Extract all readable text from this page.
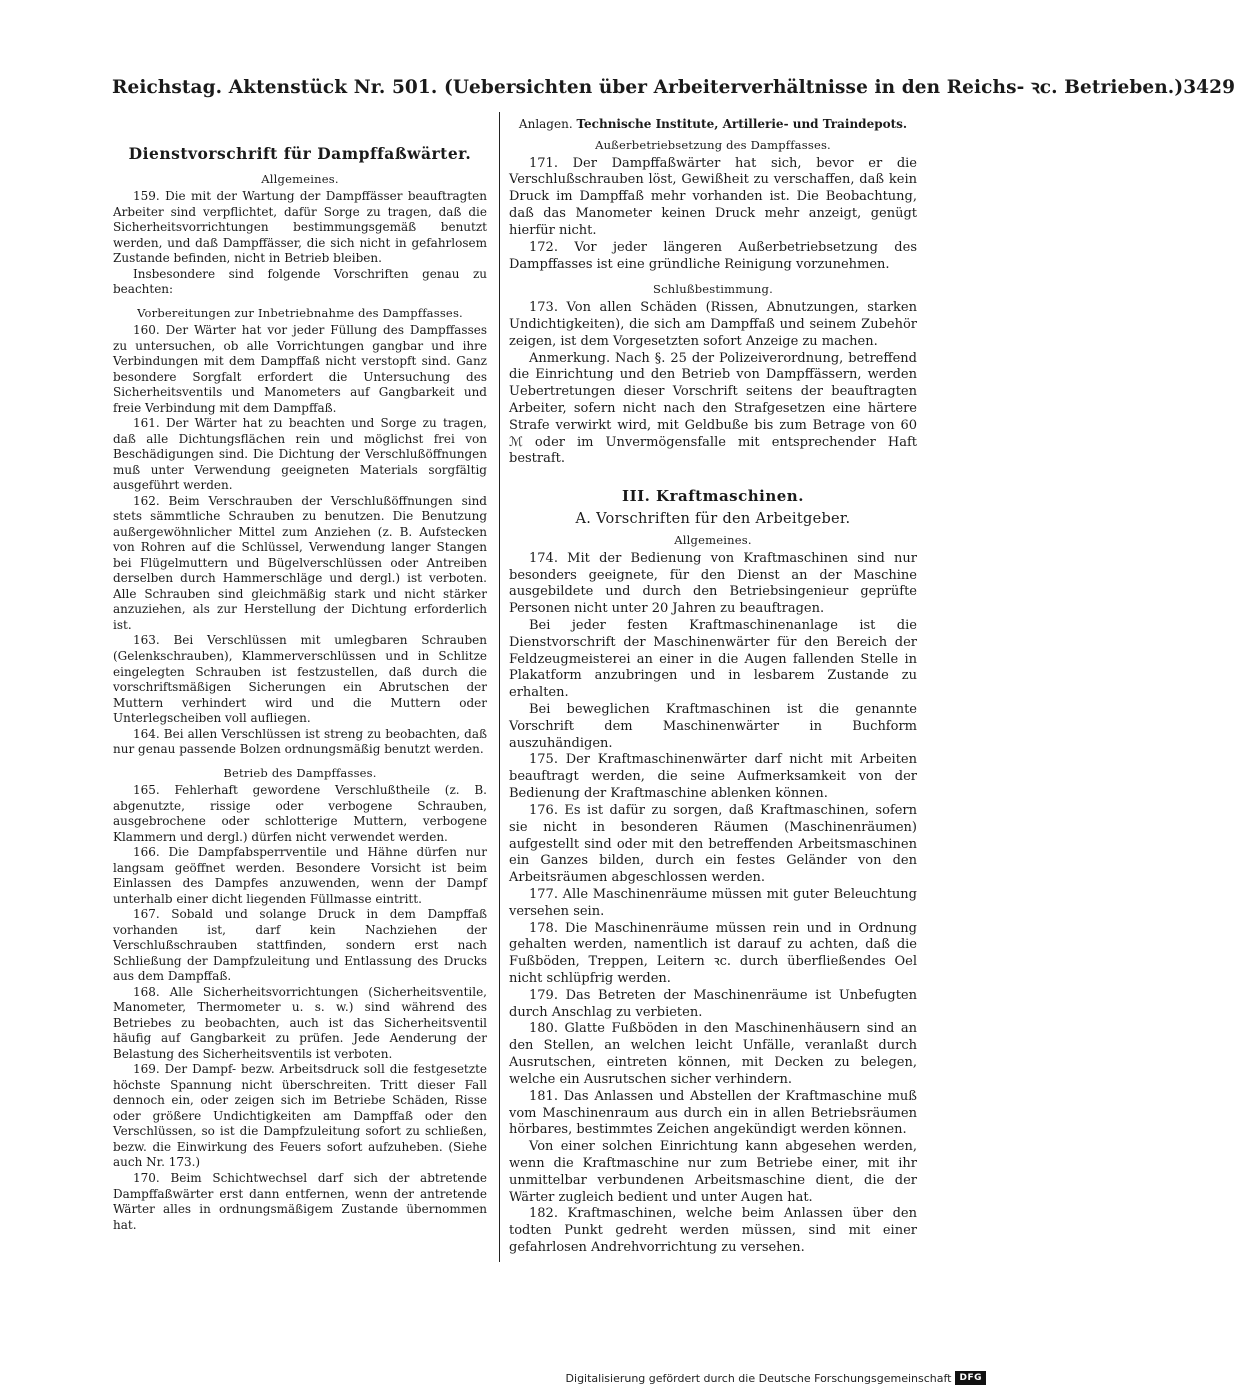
Reichstag. Aktenstück Nr. 501. (Uebersichten über Arbeiterverhältnisse in den Reichs- ꝛc. Betrieben.) 3429
Dienstvorschrift für Dampffaßwärter.
Allgemeines.

159. Die mit der Wartung der Dampffässer beauftragten Arbeiter sind verpflichtet, dafür Sorge zu tragen, daß die Sicherheitsvorrichtungen bestimmungsgemäß benutzt werden, und daß Dampffässer, die sich nicht in gefahrlosem Zustande befinden, nicht in Betrieb bleiben.

Insbesondere sind folgende Vorschriften genau zu beachten:

Vorbereitungen zur Inbetriebnahme des Dampffasses.

160. Der Wärter hat vor jeder Füllung des Dampffasses zu untersuchen, ob alle Vorrichtungen gangbar und ihre Verbindungen mit dem Dampffaß nicht verstopft sind. Ganz besondere Sorgfalt erfordert die Untersuchung des Sicherheitsventils und Manometers auf Gangbarkeit und freie Verbindung mit dem Dampffaß.

161. Der Wärter hat zu beachten und Sorge zu tragen, daß alle Dichtungsflächen rein und möglichst frei von Beschädigungen sind. Die Dichtung der Verschlußöffnungen muß unter Verwendung geeigneten Materials sorgfältig ausgeführt werden.

162. Beim Verschrauben der Verschlußöffnungen sind stets sämmtliche Schrauben zu benutzen. Die Benutzung außergewöhnlicher Mittel zum Anziehen (z. B. Aufstecken von Rohren auf die Schlüssel, Verwendung langer Stangen bei Flügelmuttern und Bügelverschlüssen oder Antreiben derselben durch Hammerschläge und dergl.) ist verboten. Alle Schrauben sind gleichmäßig stark und nicht stärker anzuziehen, als zur Herstellung der Dichtung erforderlich ist.

163. Bei Verschlüssen mit umlegbaren Schrauben (Gelenkschrauben), Klammerverschlüssen und in Schlitze eingelegten Schrauben ist festzustellen, daß durch die vorschriftsmäßigen Sicherungen ein Abrutschen der Muttern verhindert wird und die Muttern oder Unterlegscheiben voll aufliegen.

164. Bei allen Verschlüssen ist streng zu beobachten, daß nur genau passende Bolzen ordnungsmäßig benutzt werden.

Betrieb des Dampffasses.

165. Fehlerhaft gewordene Verschlußtheile (z. B. abgenutzte, rissige oder verbogene Schrauben, ausgebrochene oder schlotterige Muttern, verbogene Klammern und dergl.) dürfen nicht verwendet werden.

166. Die Dampfabsperrventile und Hähne dürfen nur langsam geöffnet werden. Besondere Vorsicht ist beim Einlassen des Dampfes anzuwenden, wenn der Dampf unterhalb einer dicht liegenden Füllmasse eintritt.

167. Sobald und solange Druck in dem Dampffaß vorhanden ist, darf kein Nachziehen der Verschlußschrauben stattfinden, sondern erst nach Schließung der Dampfzuleitung und Entlassung des Drucks aus dem Dampffaß.

168. Alle Sicherheitsvorrichtungen (Sicherheitsventile, Manometer, Thermometer u. s. w.) sind während des Betriebes zu beobachten, auch ist das Sicherheitsventil häufig auf Gangbarkeit zu prüfen. Jede Aenderung der Belastung des Sicherheitsventils ist verboten.

169. Der Dampf- bezw. Arbeitsdruck soll die festgesetzte höchste Spannung nicht überschreiten. Tritt dieser Fall dennoch ein, oder zeigen sich im Betriebe Schäden, Risse oder größere Undichtigkeiten am Dampffaß oder den Verschlüssen, so ist die Dampfzuleitung sofort zu schließen, bezw. die Einwirkung des Feuers sofort aufzuheben. (Siehe auch Nr. 173.)

170. Beim Schichtwechsel darf sich der abtretende Dampffaßwärter erst dann entfernen, wenn der antretende Wärter alles in ordnungsmäßigem Zustande übernommen hat.

Anlagen. Technische Institute, Artillerie- und Traindepots.
Außerbetriebsetzung des Dampffasses.

171. Der Dampffaßwärter hat sich, bevor er die Verschlußschrauben löst, Gewißheit zu verschaffen, daß kein Druck im Dampffaß mehr vorhanden ist. Die Beobachtung, daß das Manometer keinen Druck mehr anzeigt, genügt hierfür nicht.

172. Vor jeder längeren Außerbetriebsetzung des Dampffasses ist eine gründliche Reinigung vorzunehmen.

Schlußbestimmung.

173. Von allen Schäden (Rissen, Abnutzungen, starken Undichtigkeiten), die sich am Dampffaß und seinem Zubehör zeigen, ist dem Vorgesetzten sofort Anzeige zu machen.

Anmerkung. Nach §. 25 der Polizeiverordnung, betreffend die Einrichtung und den Betrieb von Dampffässern, werden Uebertretungen dieser Vorschrift seitens der beauftragten Arbeiter, sofern nicht nach den Strafgesetzen eine härtere Strafe verwirkt wird, mit Geldbuße bis zum Betrage von 60 ℳ oder im Unvermögensfalle mit entsprechender Haft bestraft.

III. Kraftmaschinen.
A. Vorschriften für den Arbeitgeber.
Allgemeines.

174. Mit der Bedienung von Kraftmaschinen sind nur besonders geeignete, für den Dienst an der Maschine ausgebildete und durch den Betriebsingenieur geprüfte Personen nicht unter 20 Jahren zu beauftragen.

Bei jeder festen Kraftmaschinenanlage ist die Dienstvorschrift der Maschinenwärter für den Bereich der Feldzeugmeisterei an einer in die Augen fallenden Stelle in Plakatform anzubringen und in lesbarem Zustande zu erhalten.

Bei beweglichen Kraftmaschinen ist die genannte Vorschrift dem Maschinenwärter in Buchform auszuhändigen.

175. Der Kraftmaschinenwärter darf nicht mit Arbeiten beauftragt werden, die seine Aufmerksamkeit von der Bedienung der Kraftmaschine ablenken können.

176. Es ist dafür zu sorgen, daß Kraftmaschinen, sofern sie nicht in besonderen Räumen (Maschinenräumen) aufgestellt sind oder mit den betreffenden Arbeitsmaschinen ein Ganzes bilden, durch ein festes Geländer von den Arbeitsräumen abgeschlossen werden.

177. Alle Maschinenräume müssen mit guter Beleuchtung versehen sein.

178. Die Maschinenräume müssen rein und in Ordnung gehalten werden, namentlich ist darauf zu achten, daß die Fußböden, Treppen, Leitern ꝛc. durch überfließendes Oel nicht schlüpfrig werden.

179. Das Betreten der Maschinenräume ist Unbefugten durch Anschlag zu verbieten.

180. Glatte Fußböden in den Maschinenhäusern sind an den Stellen, an welchen leicht Unfälle, veranlaßt durch Ausrutschen, eintreten können, mit Decken zu belegen, welche ein Ausrutschen sicher verhindern.

181. Das Anlassen und Abstellen der Kraftmaschine muß vom Maschinenraum aus durch ein in allen Betriebsräumen hörbares, bestimmtes Zeichen angekündigt werden können.

Von einer solchen Einrichtung kann abgesehen werden, wenn die Kraftmaschine nur zum Betriebe einer, mit ihr unmittelbar verbundenen Arbeitsmaschine dient, die der Wärter zugleich bedient und unter Augen hat.

182. Kraftmaschinen, welche beim Anlassen über den todten Punkt gedreht werden müssen, sind mit einer gefahrlosen Andrehvorrichtung zu versehen.

Digitalisierung gefördert durch die Deutsche Forschungsgemeinschaft DFG
